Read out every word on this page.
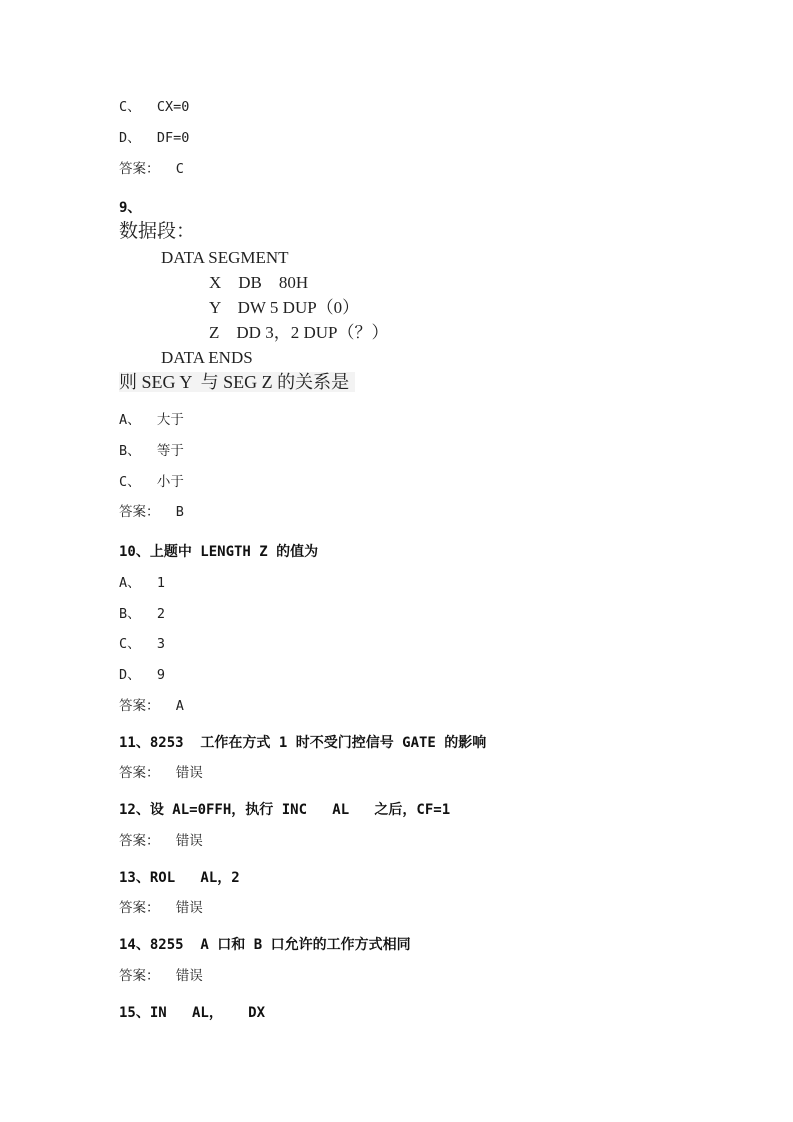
C、  CX=0
D、  DF=0
答案：  C
9、
数据段：
DATA SEGMENT
X    DB    80H
Y    DW 5 DUP（0）
Z    DD 3，2 DUP（？）
DATA ENDS
则 SEG Y  与 SEG Z 的关系是
A、  大于
B、  等于
C、  小于
答案：  B
10、上题中 LENGTH Z 的值为
A、  1
B、  2
C、  3
D、  9
答案：  A
11、8253  工作在方式 1 时不受门控信号 GATE 的影响
答案：  错误
12、设 AL=0FFH，执行 INC   AL   之后，CF=1
答案：  错误
13、ROL   AL，2
答案：  错误
14、8255  A 口和 B 口允许的工作方式相同
答案：  错误
15、IN   AL，   DX
